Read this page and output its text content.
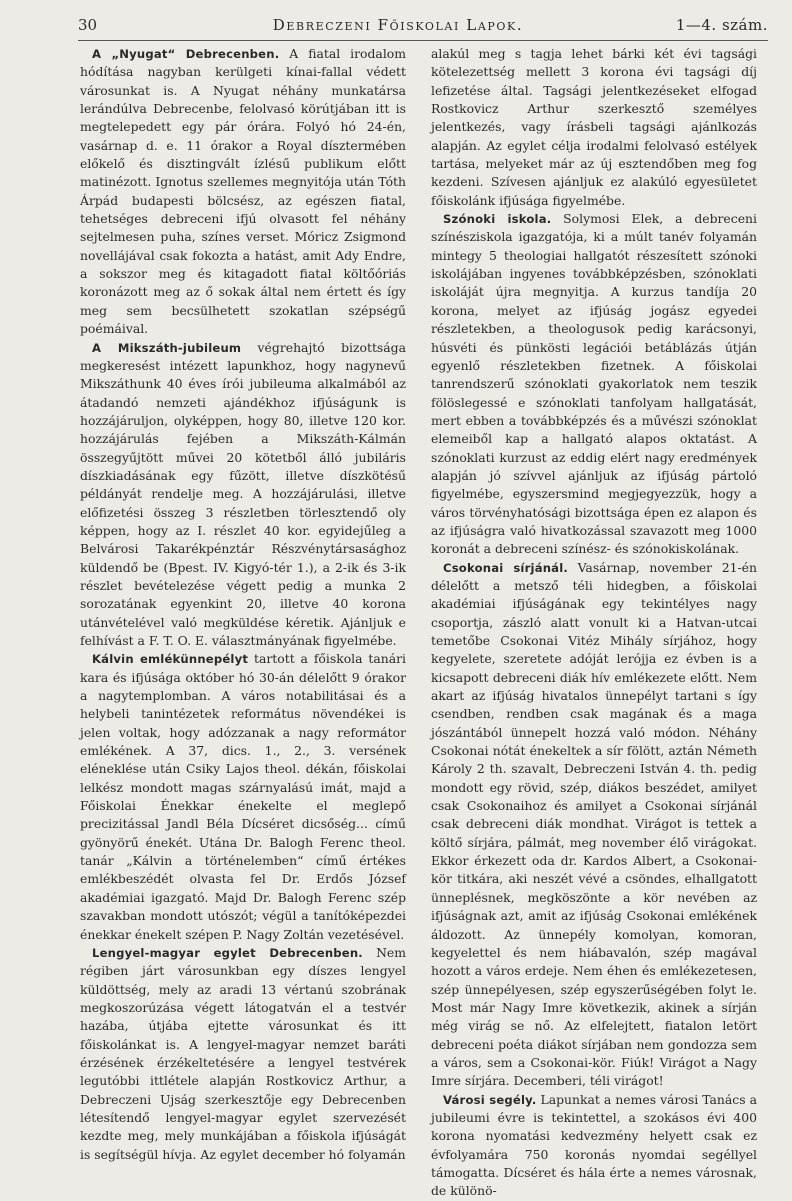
30	Debreczeni Főiskolai Lapok.	1—4. szám.

A „Nyugat“ Debrecenben. A fiatal irodalom hódítása nagyban kerülgeti kínai-fallal védett városunkat is. A Nyugat néhány munkatársa lerándúlva Debrecenbe, felolvasó körútjában itt is megtelepedett egy pár órára. Folyó hó 24-én, vasárnap d. e. 11 órakor a Royal dísztermében előkelő és disztingvált ízlésű publikum előtt matinézott. Ignotus szellemes megnyitója után Tóth Árpád budapesti bölcsész, az egészen fiatal, tehetséges debreceni ifjú olvasott fel néhány sejtelmesen puha, színes verset. Móricz Zsigmond novellájával csak fokozta a hatást, amit Ady Endre, a sokszor meg és kitagadott fiatal költőóriás koronázott meg az ő sokak által nem értett és így meg sem becsülhetett szokatlan szépségű poémáival.

A Mikszáth-jubileum végrehajtó bizottsága megkeresést intézett lapunkhoz, hogy nagynevű Mikszáthunk 40 éves írói jubileuma alkalmából az átadandó nemzeti ajándékhoz ifjúságunk is hozzájáruljon, olyképpen, hogy 80, illetve 120 kor. hozzájárulás fejében a Mikszáth-Kálmán összegyűjtött művei 20 kötetből álló jubiláris díszkiadásának egy fűzött, illetve díszkötésű példányát rendelje meg. A hozzájárulási, illetve előfizetési összeg 3 részletben törlesztendő oly képpen, hogy az I. részlet 40 kor. egyidejűleg a Belvárosi Takarékpénztár Részvénytársasághoz küldendő be (Bpest. IV. Kigyó-tér 1.), a 2-ik és 3-ik részlet bevételezése végett pedig a munka 2 sorozatának egyenkint 20, illetve 40 korona utánvételével való megküldése kéretik. Ajánljuk e felhívást a F. T. O. E. választmányának figyelmébe.

Kálvin emlékünnepélyt tartott a főiskola tanári kara és ifjúsága október hó 30-án délelőtt 9 órakor a nagytemplomban. A város notabilitásai és a helybeli tanintézetek református növendékei is jelen voltak, hogy adózzanak a nagy reformátor emlékének. A 37, dics. 1., 2., 3. versének eléneklése után Csiky Lajos theol. dékán, főiskolai lelkész mondott magas szárnyalású imát, majd a Főiskolai Énekkar énekelte el meglepő precizitással Jandl Béla Dícséret dicsőség... című gyönyörű énekét. Utána Dr. Balogh Ferenc theol. tanár „Kálvin a történelemben“ című értékes emlékbeszédét olvasta fel Dr. Erdős József akadémiai igazgató. Majd Dr. Balogh Ferenc szép szavakban mondott utószót; végül a tanítóképezdei énekkar énekelt szépen P. Nagy Zoltán vezetésével.

Lengyel-magyar egylet Debrecenben. Nem régiben járt városunkban egy díszes lengyel küldöttség, mely az aradi 13 vértanú szobrának megkoszorúzása végett látogatván el a testvér hazába, útjába ejtette városunkat és itt főiskolánkat is. A lengyel-magyar nemzet baráti érzésének érzékeltetésére a lengyel testvérek legutóbbi ittlétele alapján Rostkovicz Arthur, a Debreczeni Ujság szerkesztője egy Debrecenben létesítendő lengyel-magyar egylet szervezését kezdte meg, mely munkájában a főiskola ifjúságát is segítségül hívja. Az egylet december hó folyamán

alakúl meg s tagja lehet bárki két évi tagsági kötelezettség mellett 3 korona évi tagsági díj lefizetése által. Tagsági jelentkezéseket elfogad Rostkovicz Arthur szerkesztő személyes jelentkezés, vagy írásbeli tagsági ajánlkozás alapján. Az egylet célja irodalmi felolvasó estélyek tartása, melyeket már az új esztendőben meg fog kezdeni. Szívesen ajánljuk ez alakúló egyesületet főiskolánk ifjúsága figyelmébe.

Szónoki iskola. Solymosi Elek, a debreceni színésziskola igazgatója, ki a múlt tanév folyamán mintegy 5 theologiai hallgatót részesített szónoki iskolájában ingyenes továbbképzésben, szónoklati iskoláját újra megnyitja. A kurzus tandíja 20 korona, melyet az ifjúság jogász egyedei részletekben, a theologusok pedig karácsonyi, húsvéti és pünkösti legációi betáblázás útján egyenlő részletekben fizetnek. A főiskolai tanrendszerű szónoklati gyakorlatok nem teszik fölöslegessé e szónoklati tanfolyam hallgatását, mert ebben a továbbképzés és a művészi szónoklat elemeiből kap a hallgató alapos oktatást. A szónoklati kurzust az eddig elért nagy eredmények alapján jó szívvel ajánljuk az ifjúság pártoló figyelmébe, egyszersmind megjegyezzük, hogy a város törvényhatósági bizottsága épen ez alapon és az ifjúságra való hivatkozással szavazott meg 1000 koronát a debreceni színész- és szónokiskolának.

Csokonai sírjánál. Vasárnap, november 21-én délelőtt a metsző téli hidegben, a főiskolai akadémiai ifjúságának egy tekintélyes nagy csoportja, zászló alatt vonult ki a Hatvan-utcai temetőbe Csokonai Vitéz Mihály sírjához, hogy kegyelete, szeretete adóját lerójja ez évben is a kicsapott debreceni diák hív emlékezete előtt. Nem akart az ifjúság hivatalos ünnepélyt tartani s így csendben, rendben csak magának és a maga jószántából ünnepelt hozzá való módon. Néhány Csokonai nótát énekeltek a sír fölött, aztán Németh Károly 2 th. szavalt, Debreczeni István 4. th. pedig mondott egy rövid, szép, diákos beszédet, amilyet csak Csokonaihoz és amilyet a Csokonai sírjánál csak debreceni diák mondhat. Virágot is tettek a költő sírjára, pálmát, meg november élő virágokat. Ekkor érkezett oda dr. Kardos Albert, a Csokonai-kör titkára, aki neszét vévé a csöndes, elhallgatott ünneplésnek, megköszönte a kör nevében az ifjúságnak azt, amit az ifjúság Csokonai emlékének áldozott. Az ünnepély komolyan, komoran, kegyelettel és nem hiábavalón, szép magával hozott a város erdeje. Nem éhen és emlékezetesen, szép ünnepélyesen, szép egyszerűségében folyt le. Most már Nagy Imre következik, akinek a sírján még virág se nő. Az elfelejtett, fiatalon letört debreceni poéta diákot sírjában nem gondozza sem a város, sem a Csokonai-kör. Fiúk! Virágot a Nagy Imre sírjára. Decemberi, téli virágot!

Városi segély. Lapunkat a nemes városi Tanács a jubileumi évre is tekintettel, a szokásos évi 400 korona nyomatási kedvezmény helyett csak ez évfolyamára 750 koronás nyomdai segéllyel támogatta. Dícséret és hála érte a nemes városnak, de különö-
